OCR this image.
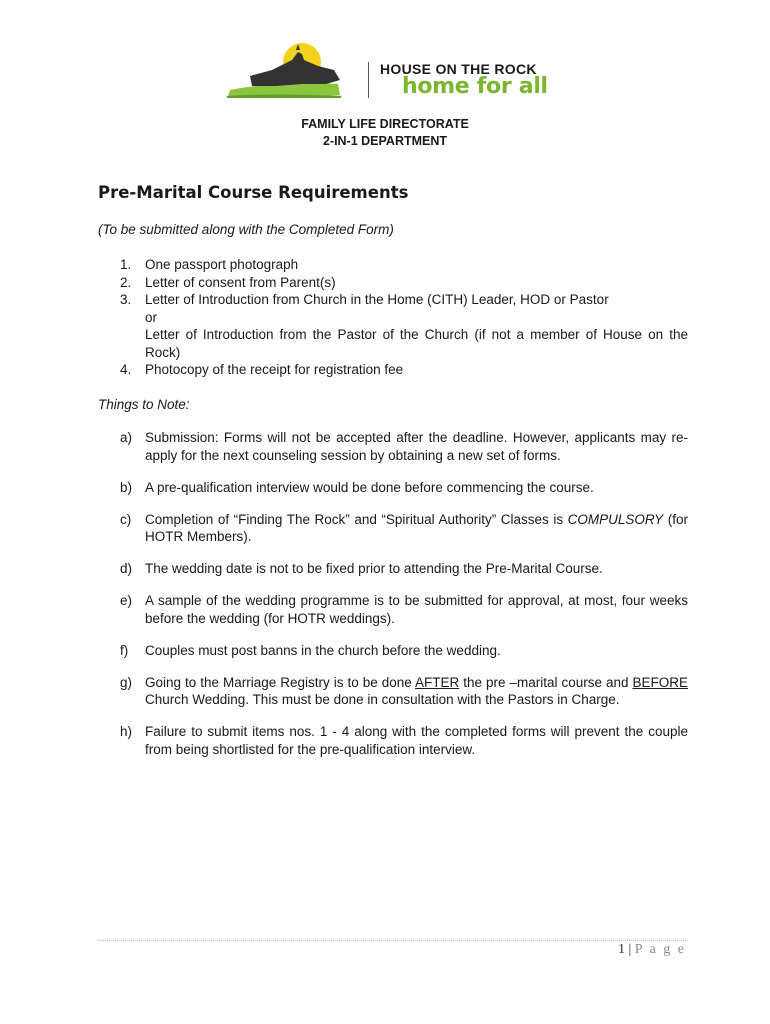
HOUSE ON THE ROCK
home for all
FAMILY LIFE DIRECTORATE
2-IN-1 DEPARTMENT
Pre-Marital Course Requirements
(To be submitted along with the Completed Form)
1. One passport photograph
2. Letter of consent from Parent(s)
3. Letter of Introduction from Church in the Home (CITH) Leader, HOD or Pastor
or
Letter of Introduction from the Pastor of the Church (if not a member of House on the Rock)
4. Photocopy of the receipt for registration fee
Things to Note:
a) Submission: Forms will not be accepted after the deadline. However, applicants may re-apply for the next counseling session by obtaining a new set of forms.
b) A pre-qualification interview would be done before commencing the course.
c) Completion of “Finding The Rock” and “Spiritual Authority” Classes is COMPULSORY (for HOTR Members).
d) The wedding date is not to be fixed prior to attending the Pre-Marital Course.
e) A sample of the wedding programme is to be submitted for approval, at most, four weeks before the wedding (for HOTR weddings).
f) Couples must post banns in the church before the wedding.
g) Going to the Marriage Registry is to be done AFTER the pre –marital course and BEFORE Church Wedding. This must be done in consultation with the Pastors in Charge.
h) Failure to submit items nos. 1 - 4 along with the completed forms will prevent the couple from being shortlisted for the pre-qualification interview.
1 | P a g e
